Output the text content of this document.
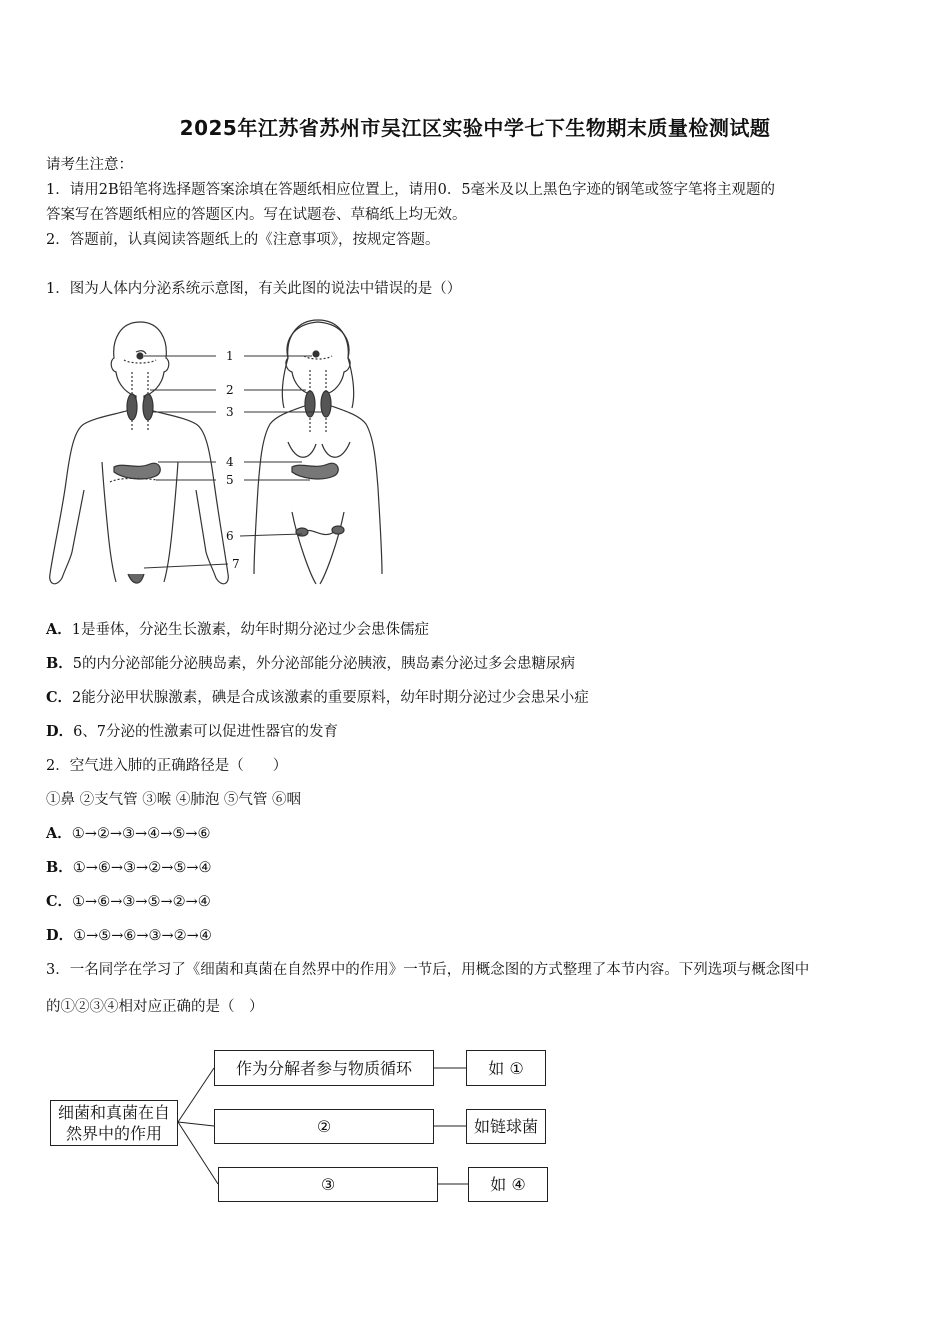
2025年江苏省苏州市吴江区实验中学七下生物期末质量检测试题
请考生注意：
1．请用2B铅笔将选择题答案涂填在答题纸相应位置上，请用0．5毫米及以上黑色字迹的钢笔或签字笔将主观题的
答案写在答题纸相应的答题区内。写在试题卷、草稿纸上均无效。
2．答题前，认真阅读答题纸上的《注意事项》，按规定答题。
1．图为人体内分泌系统示意图，有关此图的说法中错误的是（）
1
2
3
4
5
6
7
A．1是垂体，分泌生长激素，幼年时期分泌过少会患侏儒症
B．5的内分泌部能分泌胰岛素，外分泌部能分泌胰液，胰岛素分泌过多会患糖尿病
C．2能分泌甲状腺激素，碘是合成该激素的重要原料，幼年时期分泌过少会患呆小症
D．6、7分泌的性激素可以促进性器官的发育
2．空气进入肺的正确路径是（　　）
①鼻 ②支气管 ③喉 ④肺泡 ⑤气管 ⑥咽
A．①→②→③→④→⑤→⑥
B．①→⑥→③→②→⑤→④
C．①→⑥→③→⑤→②→④
D．①→⑤→⑥→③→②→④
3．一名同学在学习了《细菌和真菌在自然界中的作用》一节后，用概念图的方式整理了本节内容。下列选项与概念图中
的①②③④相对应正确的是（　）
细菌和真菌在自然界中的作用
作为分解者参与物质循环	如 ①
②	如链球菌
③	如 ④
